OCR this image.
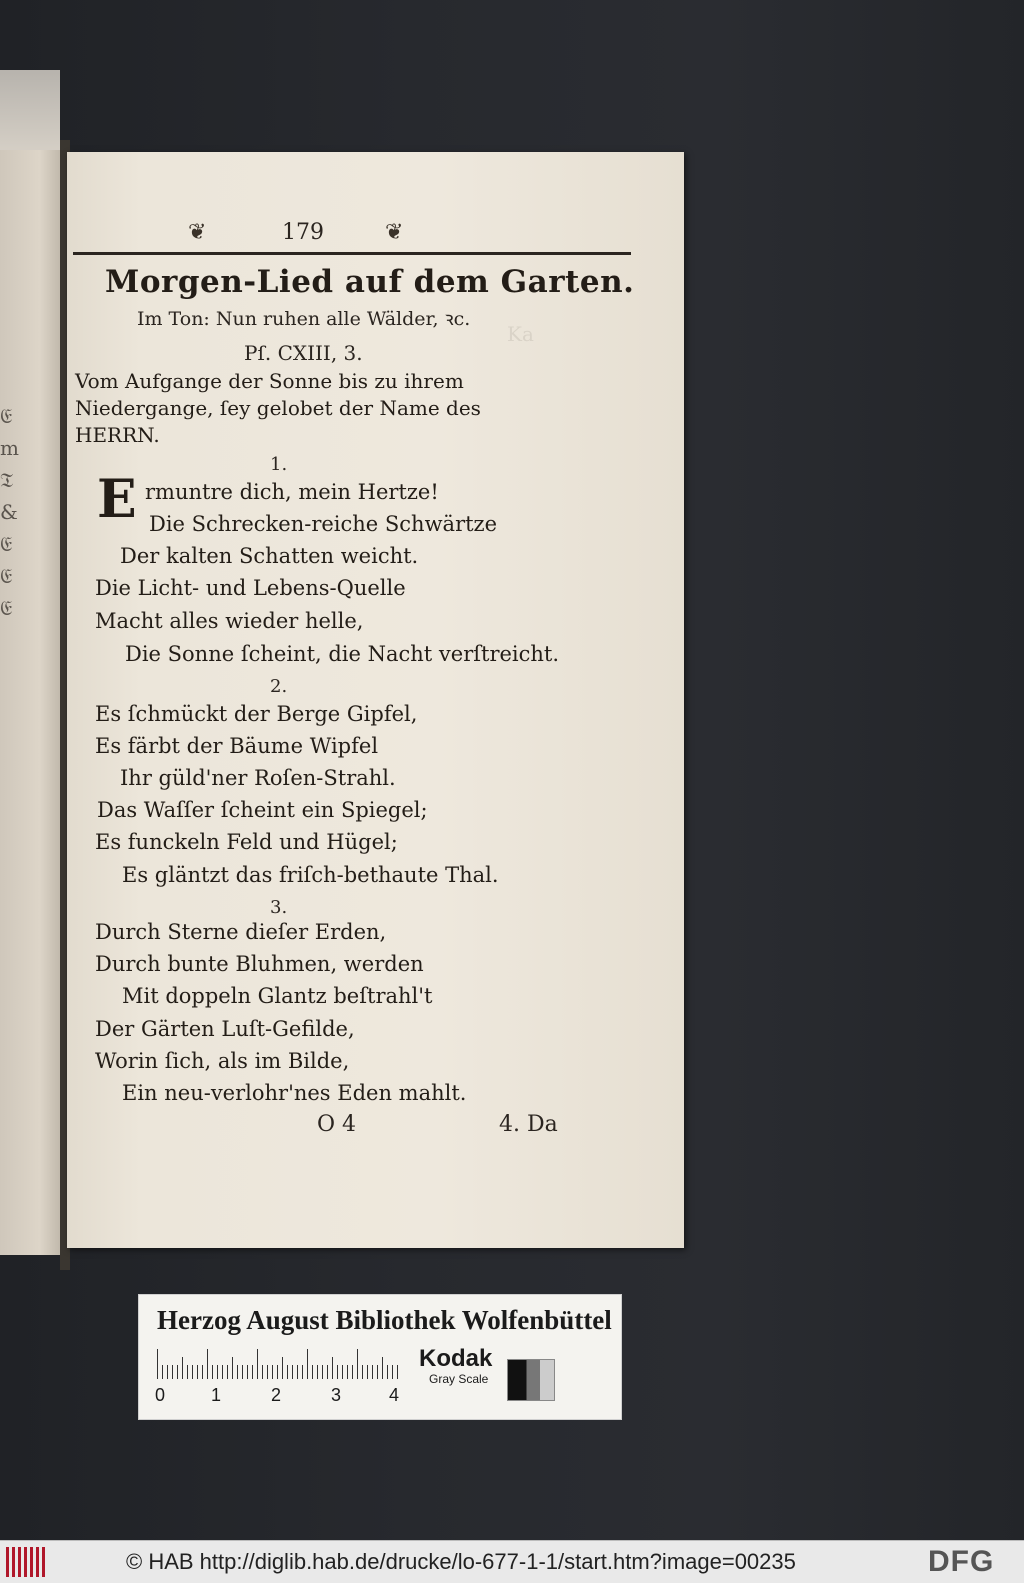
𝔈
m
𝔗
&
𝔈
𝔈
𝔈
Ka
❦	179	❦
Morgen-Lied auf dem Garten.
Im Ton: Nun ruhen alle Wälder, ꝛc.
Pſ. CXIII, 3.
Vom Aufgange der Sonne bis zu ihrem
Niedergange, ſey gelobet der Name des
HERRN.
1.
E rmuntre dich, mein Hertze!
Die Schrecken-reiche Schwärtze
Der kalten Schatten weicht.
Die Licht- und Lebens-Quelle
Macht alles wieder helle,
Die Sonne ſcheint, die Nacht verſtreicht.
2.
Es ſchmückt der Berge Gipfel,
Es färbt der Bäume Wipfel
Ihr güld'ner Roſen-Strahl.
Das Waſſer ſcheint ein Spiegel;
Es funckeln Feld und Hügel;
Es gläntzt das friſch-bethaute Thal.
3.
Durch Sterne dieſer Erden,
Durch bunte Bluhmen, werden
Mit doppeln Glantz beſtrahl't
Der Gärten Luſt-Gefilde,
Worin ſich, als im Bilde,
Ein neu-verlohr'nes Eden mahlt.
O 4	4. Da
Herzog August Bibliothek Wolfenbüttel
0	1	2	3	4
Kodak
Gray Scale
© HAB http://diglib.hab.de/drucke/lo-677-1-1/start.htm?image=00235	DFG
